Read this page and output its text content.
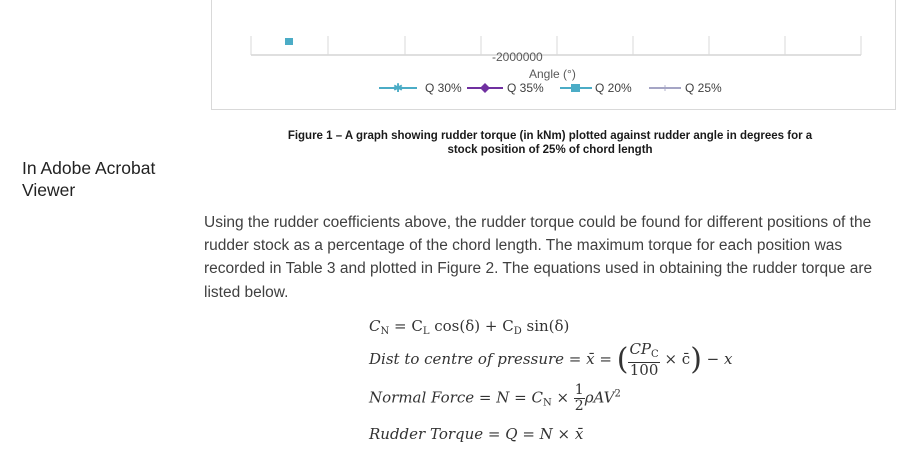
-2000000
Angle (°)
✱ Q 30%	Q 35%	Q 20% + Q 25%
Figure 1 – A graph showing rudder torque (in kNm) plotted against rudder angle in degrees for a
stock position of 25% of chord length
In Adobe Acrobat
Viewer
Using the rudder coefficients above, the rudder torque could be found for different positions of the rudder stock as a percentage of the chord length. The maximum torque for each position was recorded in Table 3 and plotted in Figure 2. The equations used in obtaining the rudder torque are listed below.
$C_N = C_L$ $\cos(\delta) + C_D$ sin(δ)
Dist to centre of pressure = x̄ = ( $\frac{CP_C}{100}$ × c̄) − x
Normal Force = $N = C_N \times \frac{1}{2} \rho AV^2$
Rudder Torque = Q = N × x̄
